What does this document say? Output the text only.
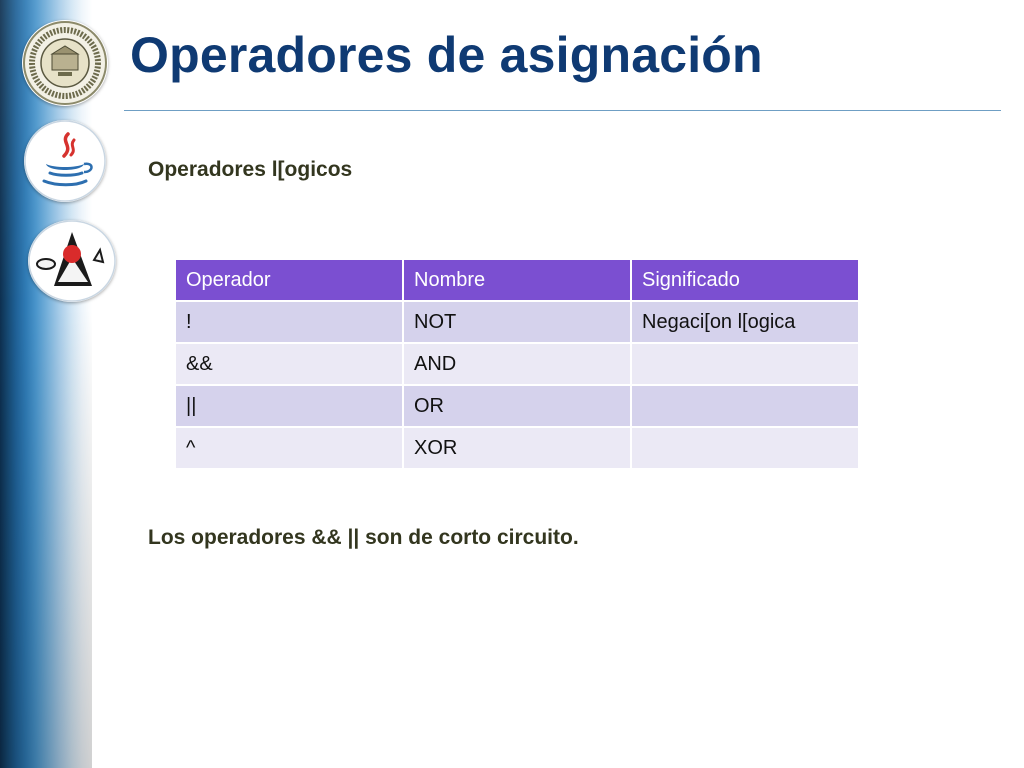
Operadores de asignación
Operadores l[ogicos
Operador	Nombre	Significado
!	NOT	Negaci[on l[ogica
&&	AND	
||	OR	
^	XOR	
Los operadores && || son de corto circuito.
